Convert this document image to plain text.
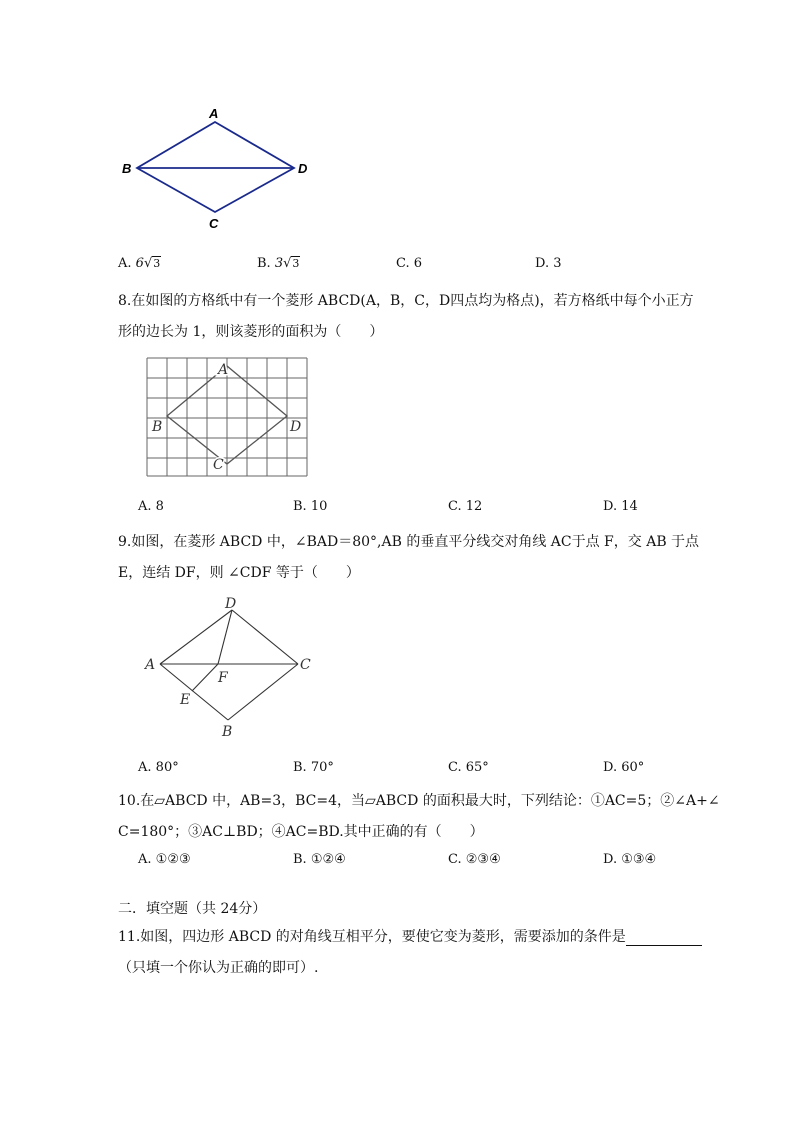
A
B
C
D
A. 6√3	B. 3√3	C. 6	D. 3
8.在如图的方格纸中有一个菱形 ABCD(A，B，C，D四点均为格点)，若方格纸中每个小正方
形的边长为 1，则该菱形的面积为（　　）
A
B
C
D
A. 8	B. 10	C. 12	D. 14
9.如图，在菱形 ABCD 中，∠BAD＝80°,AB 的垂直平分线交对角线 AC于点 F，交 AB 于点
E，连结 DF，则 ∠CDF 等于（　　）
A
D
C
B
F
E
A. 80°	B. 70°	C. 65°	D. 60°
10.在▱ABCD 中，AB=3，BC=4，当▱ABCD 的面积最大时，下列结论：①AC=5；②∠A+∠
C=180°；③AC⊥BD；④AC=BD.其中正确的有（　　）
A. ①②③	B. ①②④	C. ②③④	D. ①③④
二．填空题（共 24分）
11.如图，四边形 ABCD 的对角线互相平分，要使它变为菱形，需要添加的条件是
（只填一个你认为正确的即可）.
